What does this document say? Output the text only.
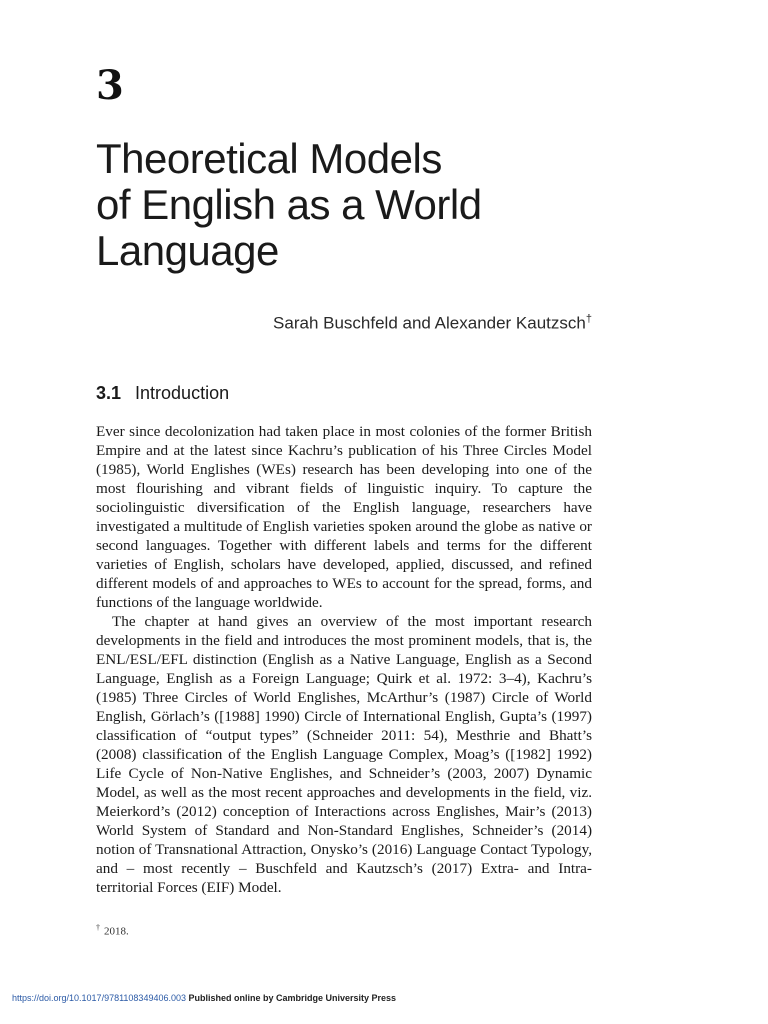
3
Theoretical Models
of English as a World
Language
Sarah Buschfeld and Alexander Kautzsch†
3.1 Introduction

Ever since decolonization had taken place in most colonies of the former British Empire and at the latest since Kachru’s publication of his Three Circles Model (1985), World Englishes (WEs) research has been developing into one of the most flourishing and vibrant fields of linguistic inquiry. To capture the sociolinguistic diversification of the English language, researchers have investigated a multitude of English varieties spoken around the globe as native or second languages. Together with different labels and terms for the different varieties of English, scholars have developed, applied, discussed, and refined different models of and approaches to WEs to account for the spread, forms, and functions of the language worldwide.

The chapter at hand gives an overview of the most important research developments in the field and introduces the most prominent models, that is, the ENL/ESL/EFL distinction (English as a Native Language, English as a Second Language, English as a Foreign Language; Quirk et al. 1972: 3–4), Kachru’s (1985) Three Circles of World Englishes, McArthur’s (1987) Circle of World English, Görlach’s ([1988] 1990) Circle of International English, Gupta’s (1997) classification of “output types” (Schneider 2011: 54), Mesthrie and Bhatt’s (2008) classification of the English Language Complex, Moag’s ([1982] 1992) Life Cycle of Non-Native Englishes, and Schneider’s (2003, 2007) Dynamic Model, as well as the most recent approaches and developments in the field, viz. Meierkord’s (2012) conception of Interactions across Englishes, Mair’s (2013) World System of Standard and Non-Standard Englishes, Schneider’s (2014) notion of Transnational Attraction, Onysko’s (2016) Language Contact Typology, and – most recently – Buschfeld and Kautzsch’s (2017) Extra- and Intra-territorial Forces (EIF) Model.

† 2018.
https://doi.org/10.1017/9781108349406.003 Published online by Cambridge University Press
